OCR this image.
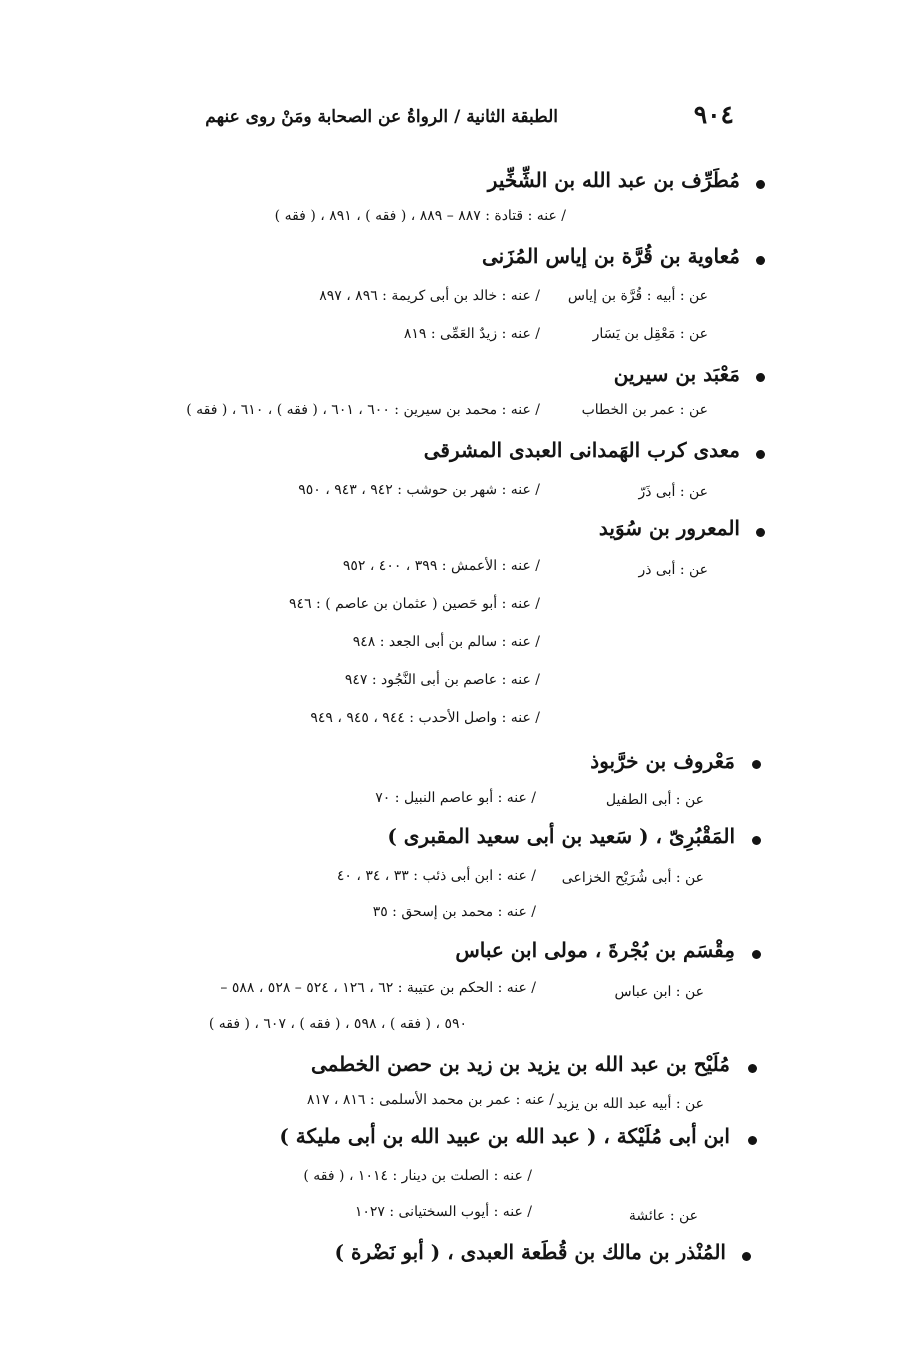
٩٠٤
الطبقة الثانية / الرواةُ عن الصحابة ومَنْ روى عنهم
مُطَرِّف بن عبد الله بن الشِّخِّير
/ عنه : قتادة : ٨٨٧ – ٨٨٩ ، ( فقه ) ، ٨٩١ ، ( فقه )
مُعاوية بن قُرَّة بن إياس المُزَنى
عن : أبيه : قُرَّة بن إياس
/ عنه : خالد بن أبى كريمة : ٨٩٦ ، ٨٩٧
عن : مَعْقِل بن يَسَار
/ عنه : زيدٌ العَمِّى : ٨١٩
مَعْبَد بن سيرين
عن : عمر بن الخطاب
/ عنه : محمد بن سيرين : ٦٠٠ ، ٦٠١ ، ( فقه ) ، ٦١٠ ، ( فقه )
معدى كرب الهَمدانى العبدى المشرقى
عن : أبى ذَرّ
/ عنه : شهر بن حوشب : ٩٤٢ ، ٩٤٣ ، ٩٥٠
المعرور بن سُوَيد
عن : أبى ذر
/ عنه : الأعمش : ٣٩٩ ، ٤٠٠ ، ٩٥٢
/ عنه : أبو حَصين ( عثمان بن عاصم ) : ٩٤٦
/ عنه : سالم بن أبى الجعد : ٩٤٨
/ عنه : عاصم بن أبى النَّجُود : ٩٤٧
/ عنه : واصل الأحدب : ٩٤٤ ، ٩٤٥ ، ٩٤٩
مَعْروف بن خرَّبوذ
عن : أبى الطفيل
/ عنه : أبو عاصم النبيل : ٧٠
المَقْبُرِىّ ، ( سَعيد بن أبى سعيد المقبرى )
عن : أبى شُرَيْح الخزاعى
/ عنه : ابن أبى ذئب : ٣٣ ، ٣٤ ، ٤٠
/ عنه : محمد بن إسحق : ٣٥
مِقْسَم بن بُجْرةَ ، مولى ابن عباس
عن : ابن عباس
/ عنه : الحكم بن عتيبة : ٦٢ ، ١٢٦ ، ٥٢٤ – ٥٢٨ ، ٥٨٨ –
٥٩٠ ، ( فقه ) ، ٥٩٨ ، ( فقه ) ، ٦٠٧ ، ( فقه )
مُلَيْح بن عبد الله بن يزيد بن زيد بن حصن الخطمى
عن : أبيه عبد الله بن يزيد
/ عنه : عمر بن محمد الأسلمى : ٨١٦ ، ٨١٧
ابن أبى مُلَيْكة ، ( عبد الله بن عبيد الله بن أبى مليكة )
/ عنه : الصلت بن دينار : ١٠١٤ ، ( فقه )
عن : عائشة
/ عنه : أيوب السختيانى : ١٠٢٧
المُنْذر بن مالك بن قُطَعة العبدى ، ( أبو نَضْرة )
